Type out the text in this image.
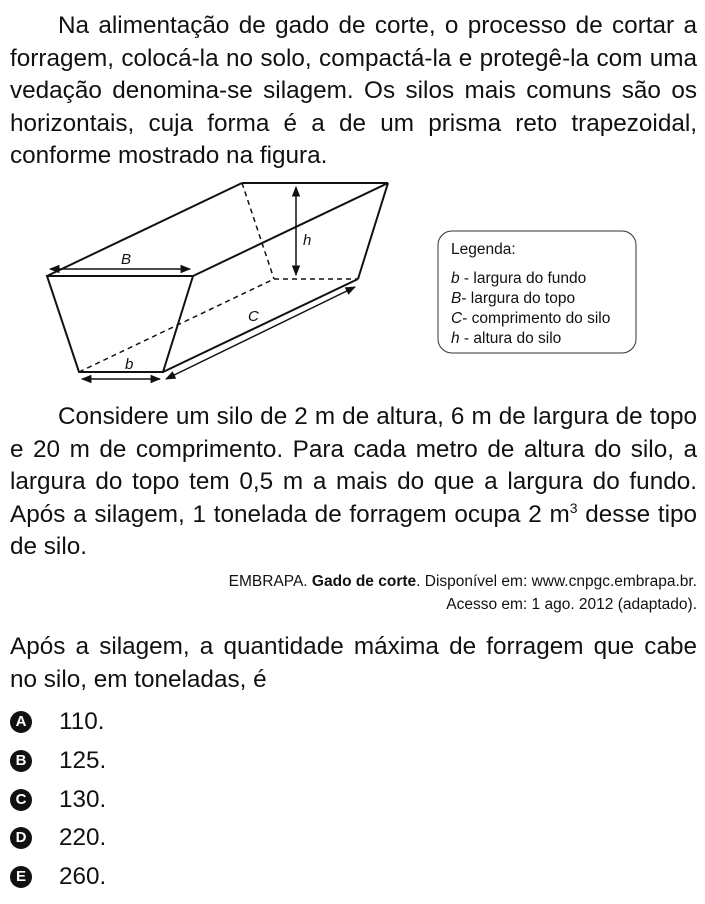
Na alimentação de gado de corte, o processo de cortar a forragem, colocá-la no solo, compactá-la e protegê-la com uma vedação denomina-se silagem. Os silos mais comuns são os horizontais, cuja forma é a de um prisma reto trapezoidal, conforme mostrado na figura.

B
b
h
C
Legenda:
b - largura do fundo
B- largura do topo
C- comprimento do silo
h - altura do silo

Considere um silo de 2 m de altura, 6 m de largura de topo e 20 m de comprimento. Para cada metro de altura do silo, a largura do topo tem 0,5 m a mais do que a largura do fundo. Após a silagem, 1 tonelada de forragem ocupa 2 $m^3$ desse tipo de silo.

EMBRAPA. Gado de corte. Disponível em: www.cnpgc.embrapa.br.
Acesso em: 1 ago. 2012 (adaptado).

Após a silagem, a quantidade máxima de forragem que cabe no silo, em toneladas, é

A 110.
B 125.
C 130.
D 220.
E 260.
